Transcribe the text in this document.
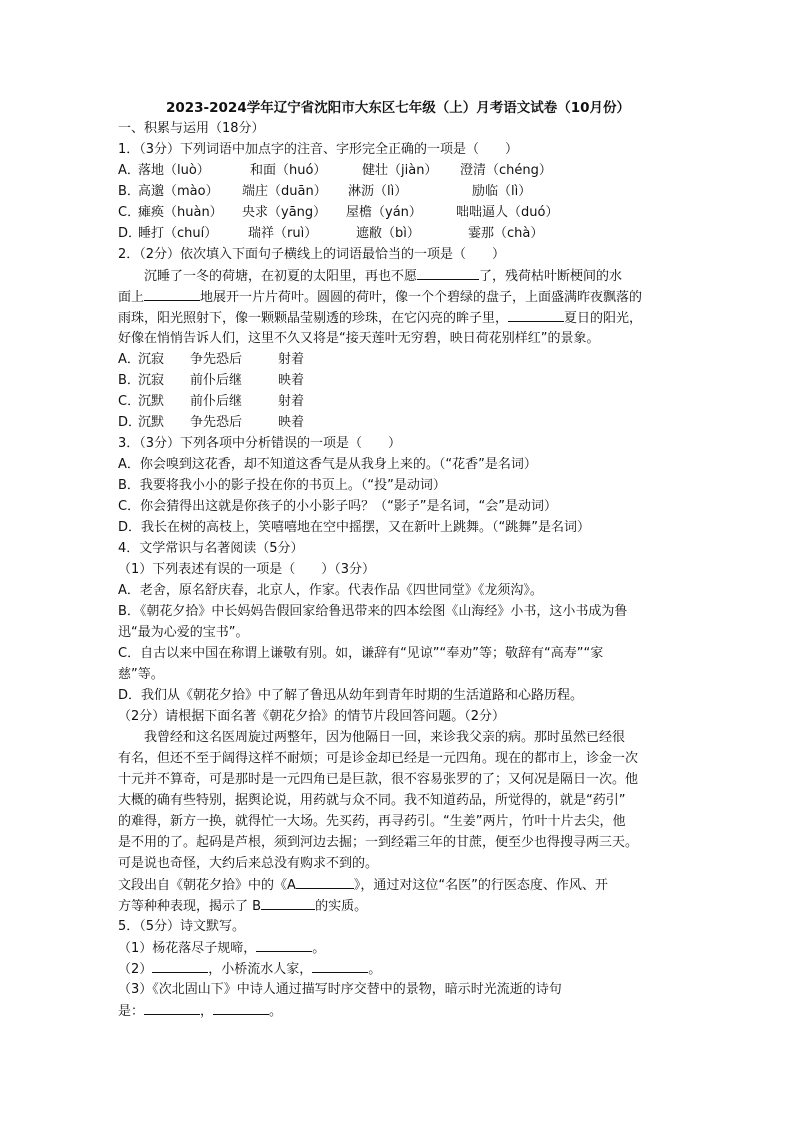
2023-2024学年辽宁省沈阳市大东区七年级（上）月考语文试卷（10月份）
一、积累与运用（18分）
1．（3分）下列词语中加点字的注音、字形完全正确的一项是（　　）
A．落地（luò）	和面（huó）	健壮（jiàn） 澄清（chéng）
B．高邈（mào） 端庄（duān） 淋沥（lì）	励临（lì）
C．瘫痪（huàn） 央求（yāng） 屋檐（yán）	咄咄逼人（duó）
D．睡打（chuí） 瑞祥（ruì）	遮敝（bì）	霎那（chà）
2．（2分）依次填入下面句子横线上的词语最恰当的一项是（　　）
沉睡了一冬的荷塘，在初夏的太阳里，再也不愿	了，残荷枯叶断梗间的水
面上	地展开一片片荷叶。圆圆的荷叶，像一个个碧绿的盘子，上面盛满昨夜飘落的
雨珠，阳光照射下，像一颗颗晶莹剔透的珍珠，在它闪亮的眸子里，	夏日的阳光，
好像在悄悄告诉人们，这里不久又将是“接天莲叶无穷碧，映日荷花别样红”的景象。
A．沉寂 争先恐后	射着
B．沉寂 前仆后继	映着
C．沉默 前仆后继	射着
D．沉默 争先恐后	映着
3．（3分）下列各项中分析错误的一项是（　　）
A．你会嗅到这花香，却不知道这香气是从我身上来的。（“花香”是名词）
B．我要将我小小的影子投在你的书页上。（“投”是动词）
C．你会猜得出这就是你孩子的小小影子吗？（“影子”是名词，“会”是动词）
D．我长在树的高枝上，笑嘻嘻地在空中摇摆，又在新叶上跳舞。（“跳舞”是名词）
4．文学常识与名著阅读（5分）
（1）下列表述有误的一项是（　　）（3分）
A．老舍，原名舒庆春，北京人，作家。代表作品《四世同堂》《龙须沟》。
B．《朝花夕拾》中长妈妈告假回家给鲁迅带来的四本绘图《山海经》小书，这小书成为鲁
迅“最为心爱的宝书”。
C．自古以来中国在称谓上谦敬有别。如，谦辞有“见谅”“奉劝”等；敬辞有“高寿”“家
慈”等。
D．我们从《朝花夕拾》中了解了鲁迅从幼年到青年时期的生活道路和心路历程。
（2分）请根据下面名著《朝花夕拾》的情节片段回答问题。（2分）
我曾经和这名医周旋过两整年，因为他隔日一回，来诊我父亲的病。那时虽然已经很
有名，但还不至于阔得这样不耐烦；可是诊金却已经是一元四角。现在的都市上，诊金一次
十元并不算奇，可是那时是一元四角已是巨款，很不容易张罗的了；又何况是隔日一次。他
大概的确有些特别，据舆论说，用药就与众不同。我不知道药品，所觉得的，就是“药引”
的难得，新方一换，就得忙一大场。先买药，再寻药引。“生姜”两片，竹叶十片去尖，他
是不用的了。起码是芦根，须到河边去掘；一到经霜三年的甘蔗，便至少也得搜寻两三天。
可是说也奇怪，大约后来总没有购求不到的。
文段出自《朝花夕拾》中的《A	》，通过对这位“名医”的行医态度、作风、开
方等种种表现，揭示了 B	的实质。
5．（5分）诗文默写。
（1）杨花落尽子规啼，	。
（2）	，小桥流水人家，	。
（3）《次北固山下》中诗人通过描写时序交替中的景物，暗示时光流逝的诗句
是：	，	。
